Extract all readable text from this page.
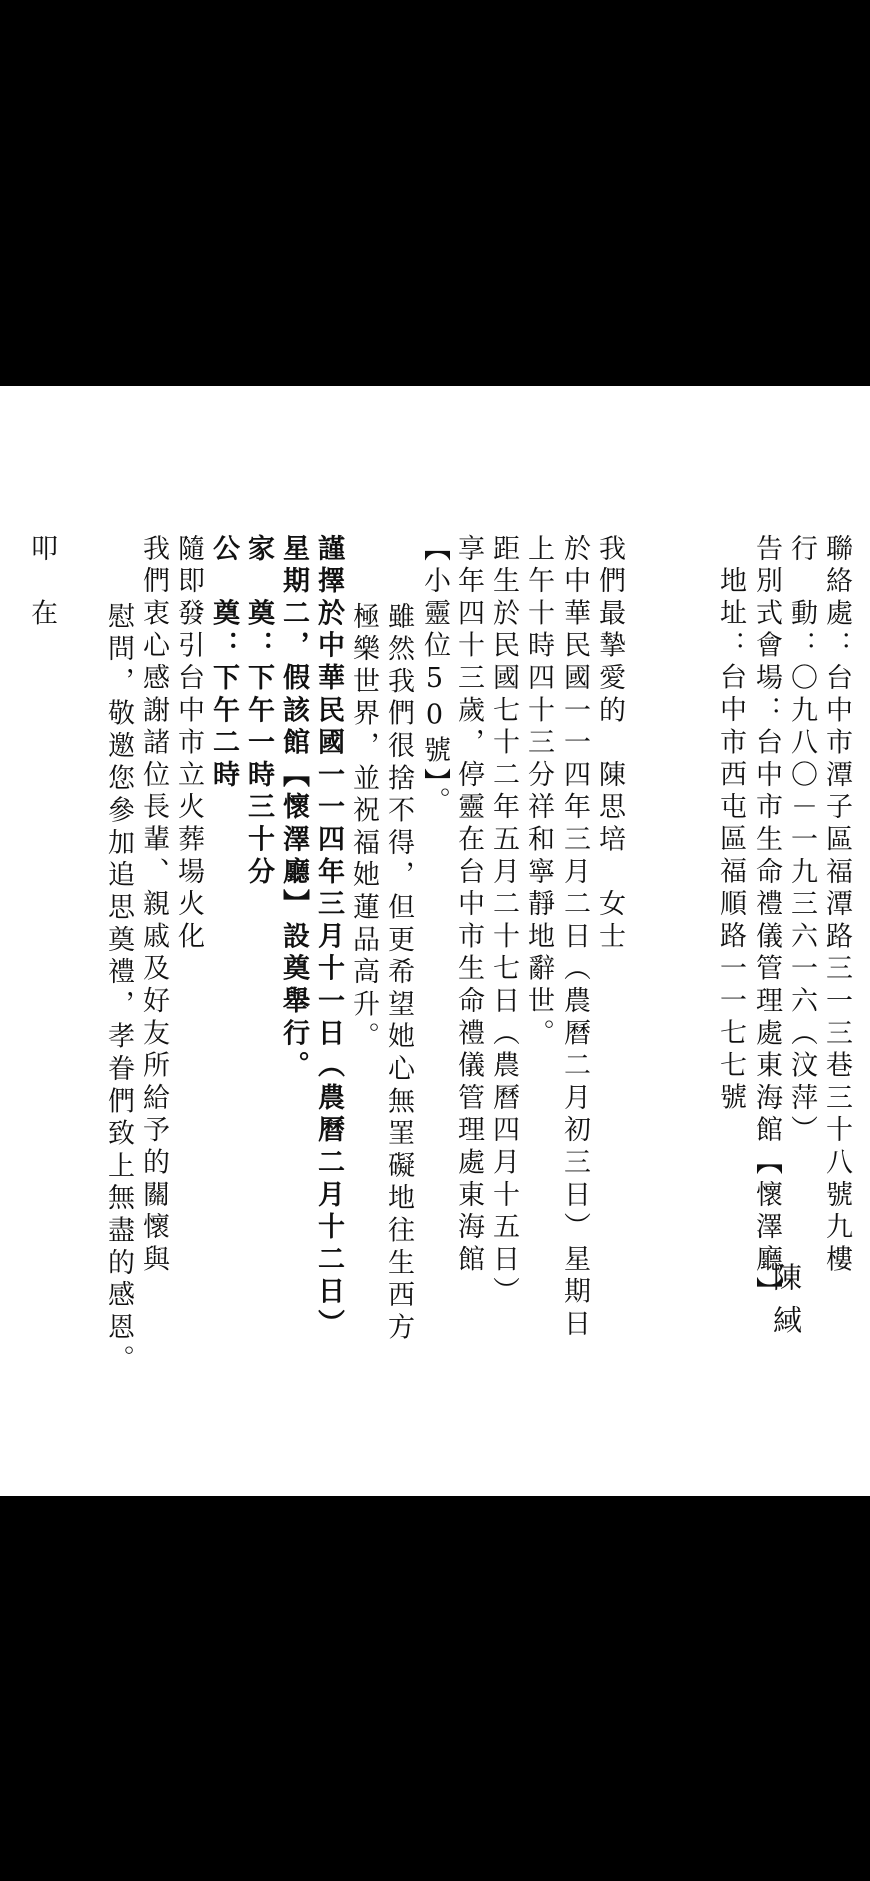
聯絡處：台中市潭子區福潭路三一三巷三十八號九樓
行　動：〇九八〇－一九三六一六（汶萍）
告別式會場：台中市生命禮儀管理處東海館【懷澤廳】
地址：台中市西屯區福順路一一七七號
陳緎
我們最摯愛的　陳思培　女士
於中華民國一一四年三月二日（農曆二月初三日）星期日
上午十時四十三分祥和寧靜地辭世。
距生於民國七十二年五月二十七日（農曆四月十五日）
享年四十三歲，停靈在台中市生命禮儀管理處東海館
【小靈位50號】。
雖然我們很捨不得，但更希望她心無罣礙地往生西方
極樂世界，並祝福她蓮品高升。
謹擇於中華民國一一四年三月十一日（農曆二月十二日）
星期二，假該館【懷澤廳】設奠舉行。
家　奠：下午一時三十分
公　奠：下午二時
隨即發引台中市立火葬場火化
我們衷心感謝諸位長輩、親戚及好友所給予的關懷與
慰問，敬邀您參加追思奠禮，孝眷們致上無盡的感恩。
叩　在
